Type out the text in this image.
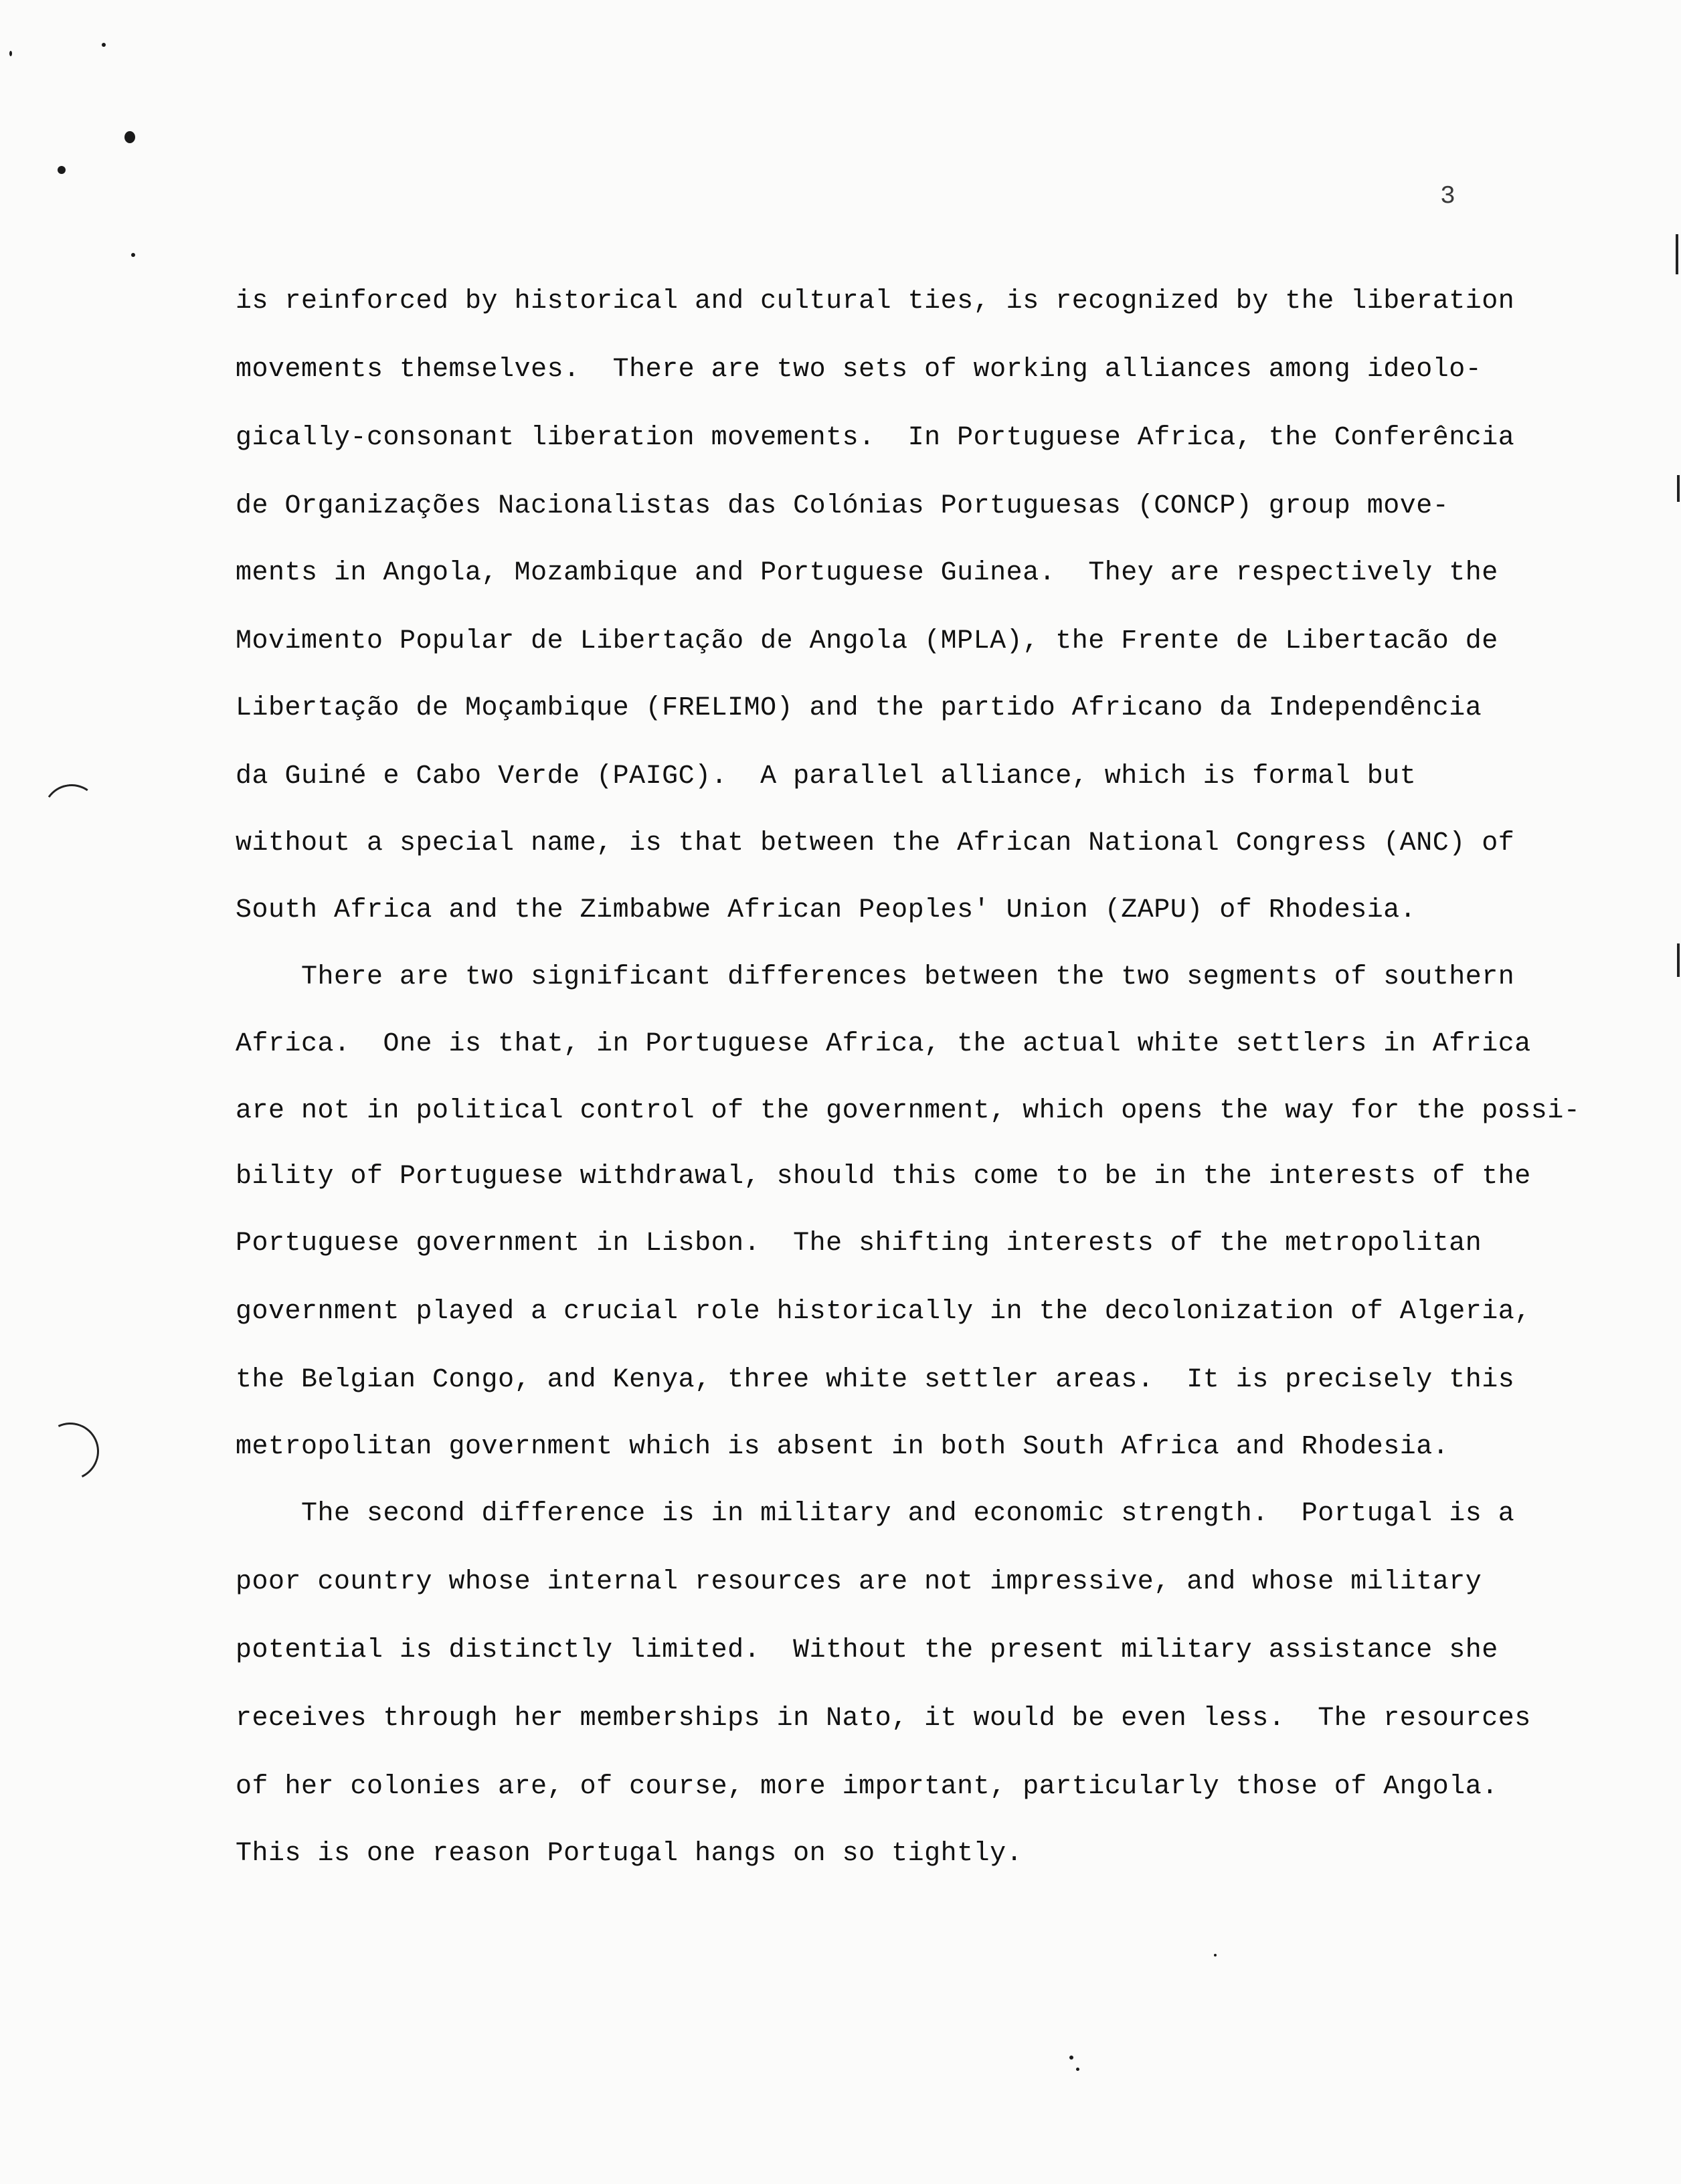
3
is reinforced by historical and cultural ties, is recognized by the liberation
movements themselves.  There are two sets of working alliances among ideolo-
gically-consonant liberation movements.  In Portuguese Africa, the Conferência
de Organizações Nacionalistas das Colónias Portuguesas (CONCP) group move-
ments in Angola, Mozambique and Portuguese Guinea.  They are respectively the
Movimento Popular de Libertação de Angola (MPLA), the Frente de Libertacão de
Libertação de Moçambique (FRELIMO) and the partido Africano da Independência
da Guiné e Cabo Verde (PAIGC).  A parallel alliance, which is formal but
without a special name, is that between the African National Congress (ANC) of
South Africa and the Zimbabwe African Peoples' Union (ZAPU) of Rhodesia.
There are two significant differences between the two segments of southern
Africa.  One is that, in Portuguese Africa, the actual white settlers in Africa
are not in political control of the government, which opens the way for the possi-
bility of Portuguese withdrawal, should this come to be in the interests of the
Portuguese government in Lisbon.  The shifting interests of the metropolitan
government played a crucial role historically in the decolonization of Algeria,
the Belgian Congo, and Kenya, three white settler areas.  It is precisely this
metropolitan government which is absent in both South Africa and Rhodesia.
The second difference is in military and economic strength.  Portugal is a
poor country whose internal resources are not impressive, and whose military
potential is distinctly limited.  Without the present military assistance she
receives through her memberships in Nato, it would be even less.  The resources
of her colonies are, of course, more important, particularly those of Angola.
This is one reason Portugal hangs on so tightly.
